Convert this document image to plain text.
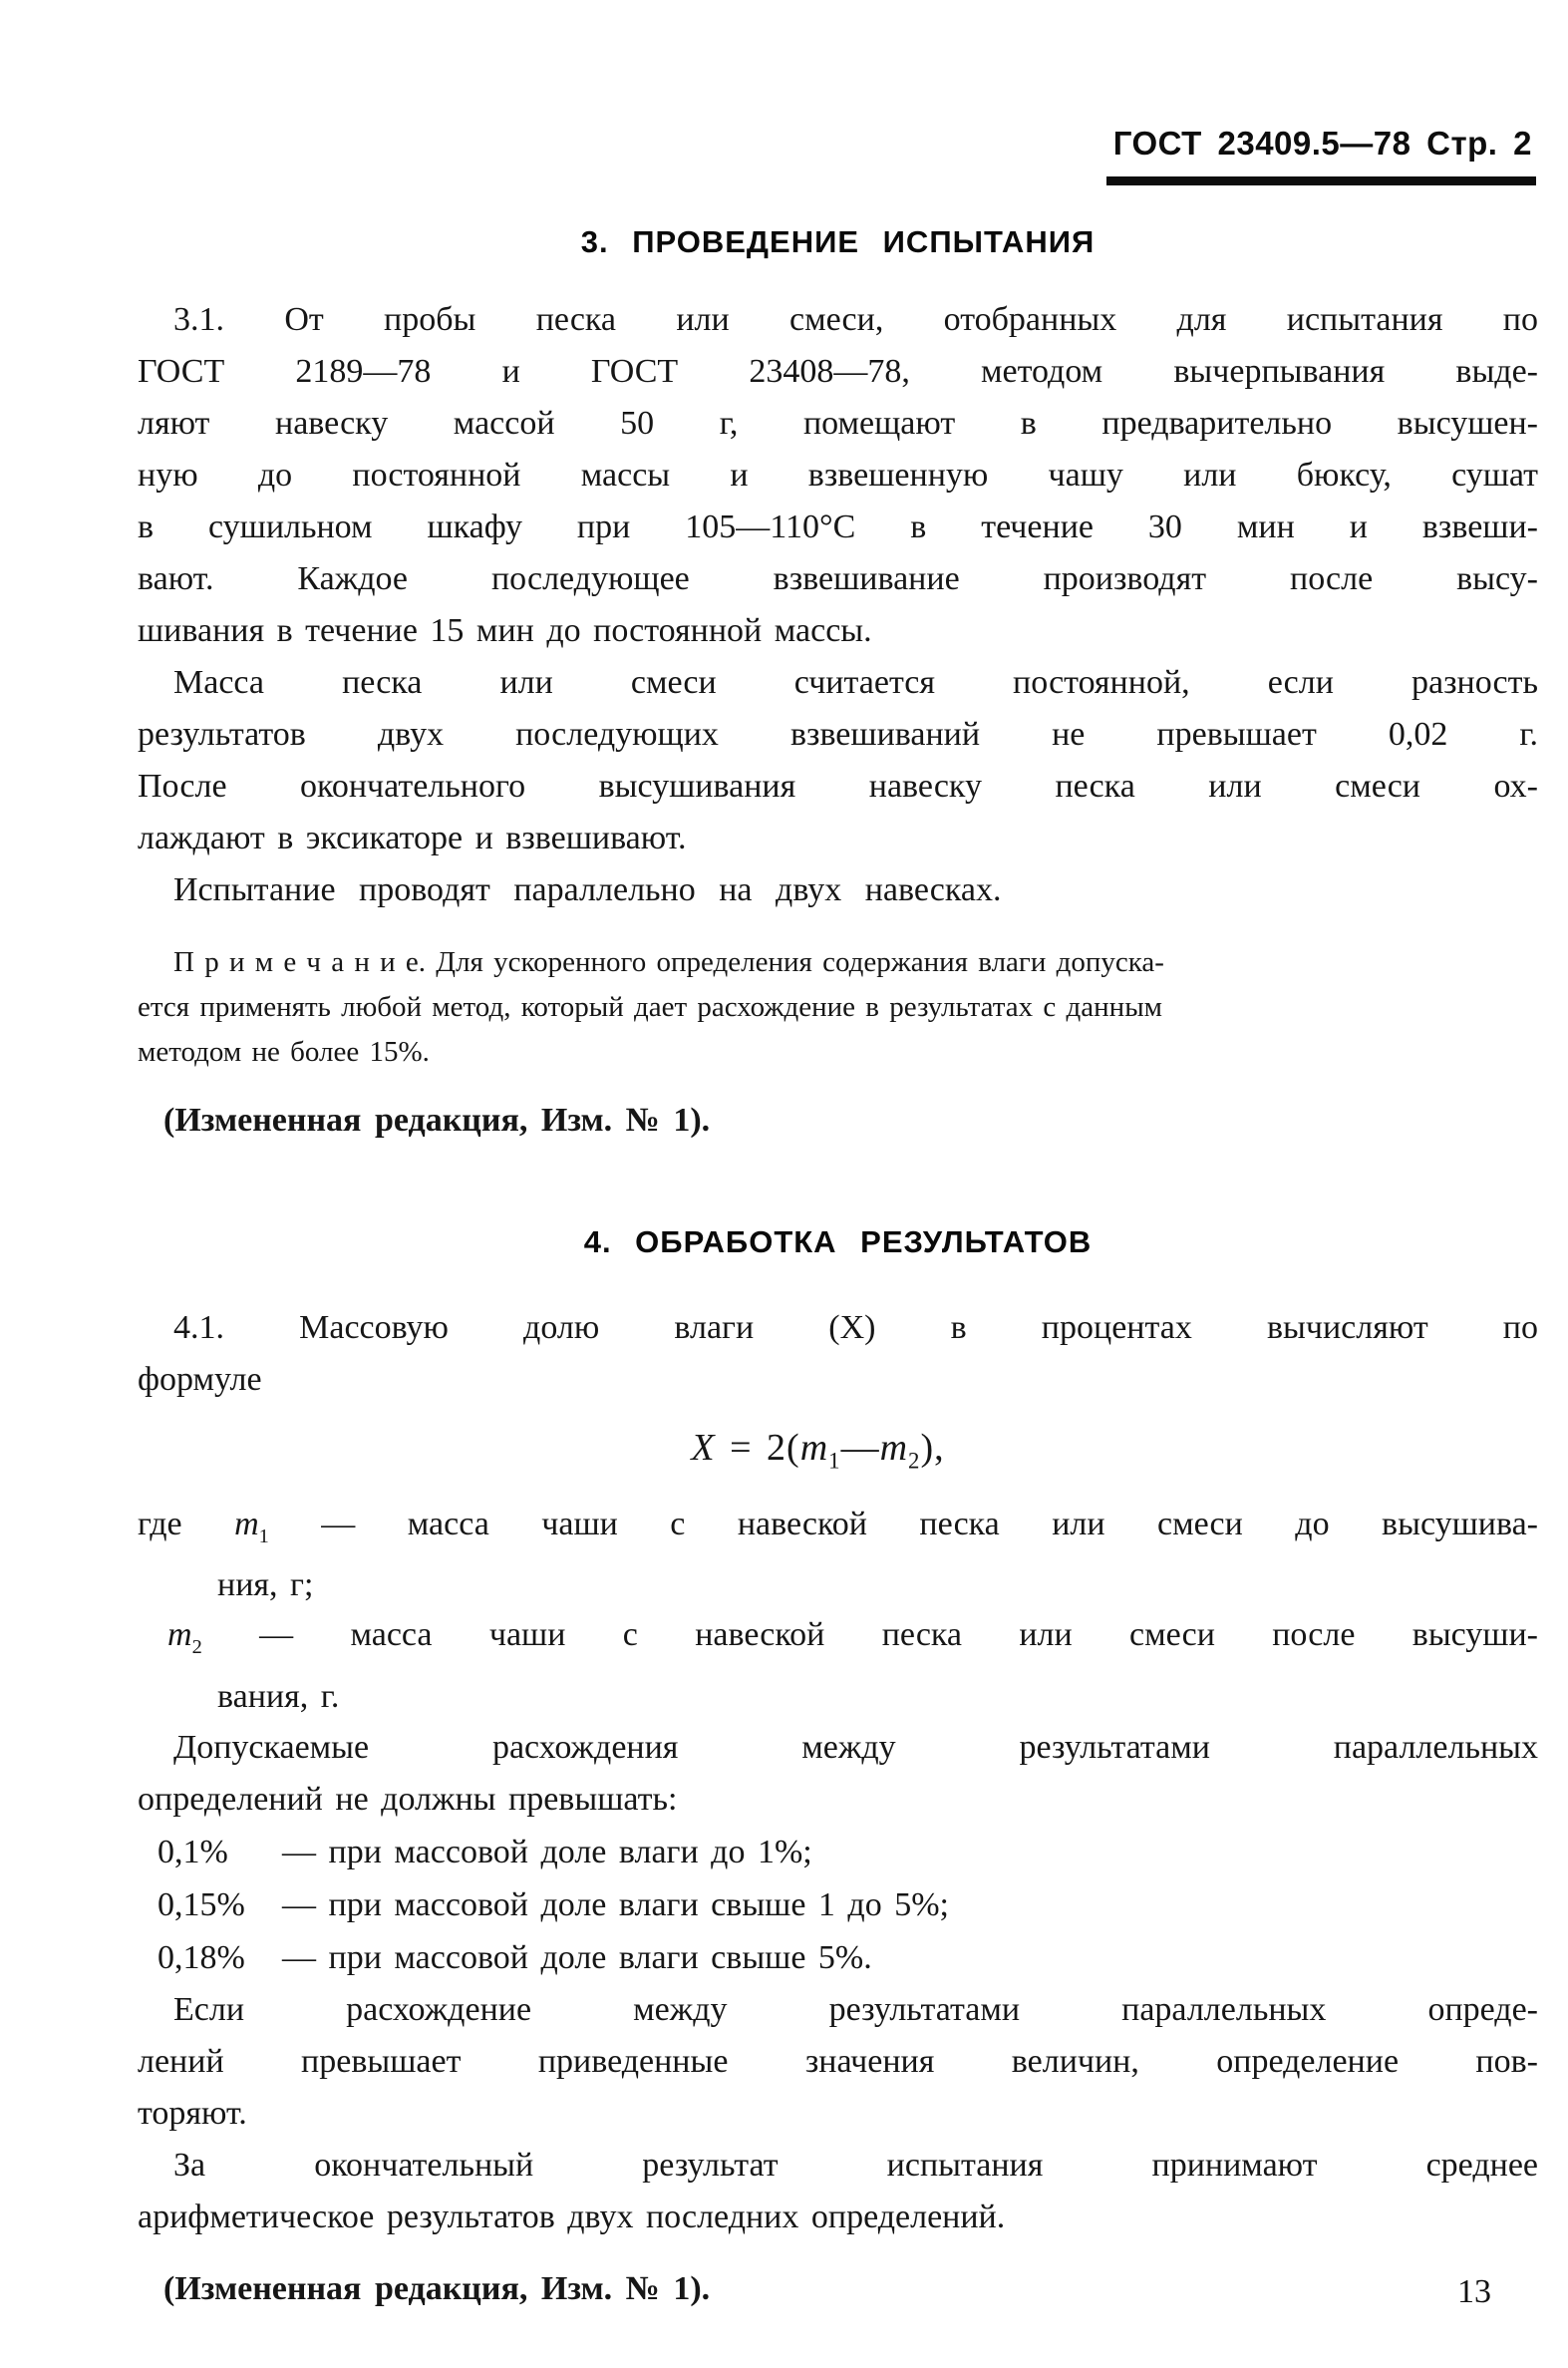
ГОСТ 23409.5—78 Стр. 2
3. ПРОВЕДЕНИЕ ИСПЫТАНИЯ
3.1. От пробы песка или смеси, отобранных для испытания по
ГОСТ 2189—78 и ГОСТ 23408—78, методом вычерпывания выде-
ляют навеску массой 50 г, помещают в предварительно высушен-
ную до постоянной массы и взвешенную чашу или бюксу, сушат
в сушильном шкафу при 105—110°С в течение 30 мин и взвеши-
вают. Каждое последующее взвешивание производят после высу-
шивания в течение 15 мин до постоянной массы.
Масса песка или смеси считается постоянной, если разность
результатов двух последующих взвешиваний не превышает 0,02 г.
После окончательного высушивания навеску песка или смеси ох-
лаждают в эксикаторе и взвешивают.
Испытание проводят параллельно на двух навесках.
П р и м е ч а н и е. Для ускоренного определения содержания влаги допуска-
ется применять любой метод, который дает расхождение в результатах с данным
методом не более 15%.
(Измененная редакция, Изм. № 1).
4. ОБРАБОТКА РЕЗУЛЬТАТОВ
4.1. Массовую долю влаги (X) в процентах вычисляют по
формуле
$X = 2(m_1—m_2)$,
где $m_1$ — масса чаши с навеской песка или смеси до высушива-
ния, г;
$m_2$ — масса чаши с навеской песка или смеси после высуши-
вания, г.
Допускаемые расхождения между результатами параллельных
определений не должны превышать:
0,1% — при массовой доле влаги до 1%;
0,15% — при массовой доле влаги свыше 1 до 5%;
0,18% — при массовой доле влаги свыше 5%.
Если расхождение между результатами параллельных опреде-
лений превышает приведенные значения величин, определение пов-
торяют.
За окончательный результат испытания принимают среднее
арифметическое результатов двух последних определений.
(Измененная редакция, Изм. № 1).	13
